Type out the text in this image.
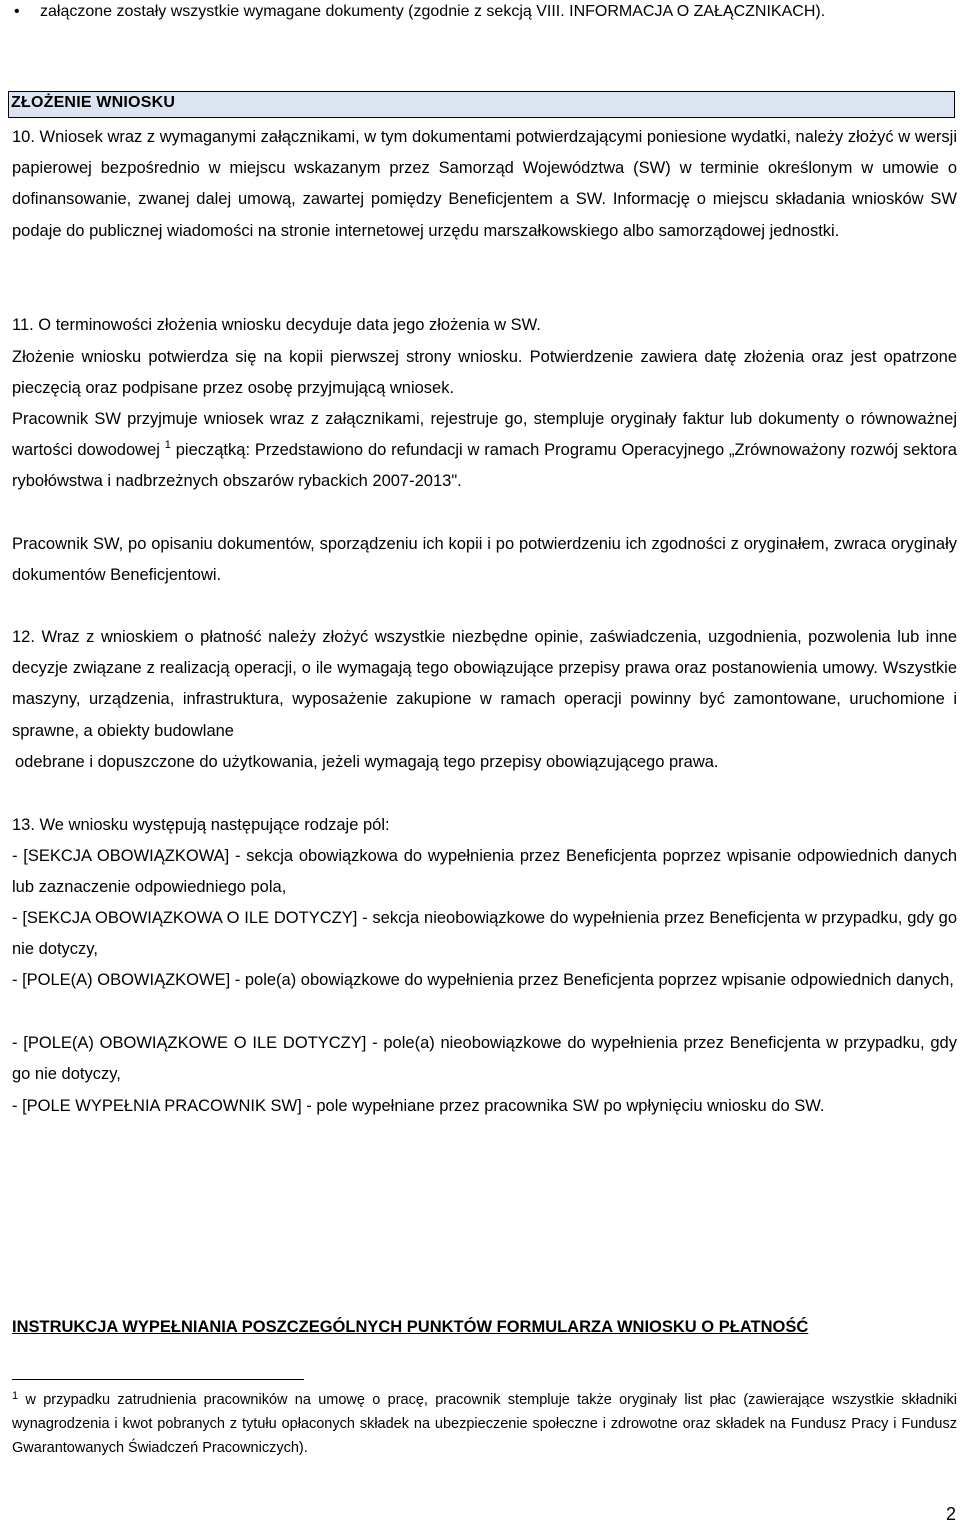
• załączone zostały wszystkie wymagane dokumenty (zgodnie z sekcją VIII. INFORMACJA O ZAŁĄCZNIKACH).
ZŁOŻENIE WNIOSKU
10. Wniosek wraz z wymaganymi załącznikami, w tym dokumentami potwierdzającymi poniesione wydatki, należy złożyć w wersji papierowej bezpośrednio w miejscu wskazanym przez Samorząd Województwa (SW) w terminie określonym w umowie o dofinansowanie, zwanej dalej umową, zawartej pomiędzy Beneficjentem a SW. Informację o miejscu składania wniosków SW podaje do publicznej wiadomości na stronie internetowej urzędu marszałkowskiego albo samorządowej jednostki.
11. O terminowości złożenia wniosku decyduje data jego złożenia w SW.
Złożenie wniosku potwierdza się na kopii pierwszej strony wniosku. Potwierdzenie zawiera datę złożenia oraz jest opatrzone pieczęcią oraz podpisane przez osobę przyjmującą wniosek.
Pracownik SW przyjmuje wniosek wraz z załącznikami, rejestruje go, stempluje oryginały faktur lub dokumenty o równoważnej wartości dowodowej $^1$ pieczątką: Przedstawiono do refundacji w ramach Programu Operacyjnego „Zrównoważony rozwój sektora rybołówstwa i nadbrzeżnych obszarów rybackich 2007-2013".
Pracownik SW, po opisaniu dokumentów, sporządzeniu ich kopii i po potwierdzeniu ich zgodności z oryginałem, zwraca oryginały dokumentów Beneficjentowi.
12. Wraz z wnioskiem o płatność należy złożyć wszystkie niezbędne opinie, zaświadczenia, uzgodnienia, pozwolenia lub inne decyzje związane z realizacją operacji, o ile wymagają tego obowiązujące przepisy prawa oraz postanowienia umowy. Wszystkie maszyny, urządzenia, infrastruktura, wyposażenie zakupione w ramach operacji powinny być zamontowane, uruchomione i sprawne, a obiekty budowlane
odebrane i dopuszczone do użytkowania, jeżeli wymagają tego przepisy obowiązującego prawa.
13. We wniosku występują następujące rodzaje pól:
- [SEKCJA OBOWIĄZKOWA] - sekcja obowiązkowa do wypełnienia przez Beneficjenta poprzez wpisanie odpowiednich danych lub zaznaczenie odpowiedniego pola,
- [SEKCJA OBOWIĄZKOWA O ILE DOTYCZY] - sekcja nieobowiązkowe do wypełnienia przez Beneficjenta w przypadku, gdy go nie dotyczy,
- [POLE(A) OBOWIĄZKOWE] - pole(a) obowiązkowe do wypełnienia przez Beneficjenta poprzez wpisanie odpowiednich danych,
- [POLE(A) OBOWIĄZKOWE O ILE DOTYCZY] - pole(a) nieobowiązkowe do wypełnienia przez Beneficjenta w przypadku, gdy go nie dotyczy,
- [POLE WYPEŁNIA PRACOWNIK SW] - pole wypełniane przez pracownika SW po wpłynięciu wniosku do SW.
INSTRUKCJA WYPEŁNIANIA POSZCZEGÓLNYCH PUNKTÓW FORMULARZA WNIOSKU O PŁATNOŚĆ
$^1$ w przypadku zatrudnienia pracowników na umowę o pracę, pracownik stempluje także oryginały list płac (zawierające wszystkie składniki wynagrodzenia i kwot pobranych z tytułu opłaconych składek na ubezpieczenie społeczne i zdrowotne oraz składek na Fundusz Pracy i Fundusz Gwarantowanych Świadczeń Pracowniczych).
2
